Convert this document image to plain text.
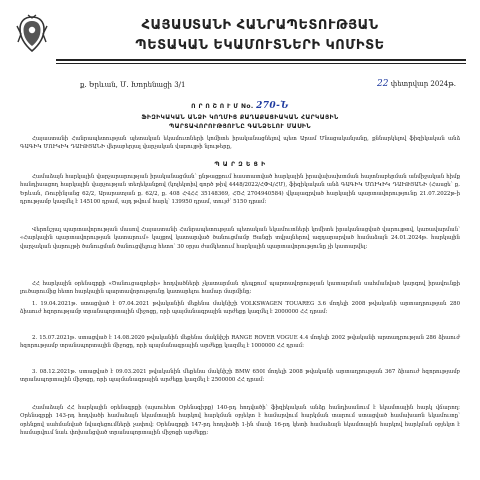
ՀԱՅԱՍՏԱՆԻ ՀԱՆՐԱՊԵՏՈՒԹՅԱՆ
ՊԵՏԱԿԱՆ ԵԿԱՄՈՒՏՆԵՐԻ ԿՈՄԻՏԵ
ք. Երևան, Մ. Խորենացի 3/1	22 փետրվար 2024թ.
Ո Ր Ո Շ Ո Ւ Մ No. 270-Ն
ՖԻԶԻԿԱԿԱՆ ԱՆՁԻ ԿՈՂՄԻՑ ՔԱՂԱՔԱՑԻԱԿԱՆ ՀԱՐԿԱՅԻՆ
ՊԱՐՏԱՎՈՐՈՒԹՅՈՒՆԸ ԳԱՆՁԵԼՈՒ ՄԱՍԻՆ
Հայաստանի Հանրապետության պետական եկամուտների կոմիտե իրականացնելով պետ Արամ Մնացականյանը, քննարկելով ֆիզիկական անձ ԳԱԳԻԿ ՄՈՒԿԻԿ ԴԱՒԹՅԱՆԻ վերաբերյալ վարչական վարույթի նյութերը,
Պ Ա Ր Զ Ե Ց Ի
Համաձայն հարկային վարչարարության իրականացման՝ ընթացքում հաստատված հարկային իրավախախտման հայտնաբերման անմիջական հիմք հանդիսացող հարկային վարչության տեղեկանքով (կոլեկտիվ գործ թիվ 4448/2022/ՀՓՎ/ՀՄ), ֆիզիկական անձ ԳԱԳԻԿ ՄՈՒԿԻԿ ԴԱՒԹՅԱՆԻ (Հասցե՝ ք. Երևան, Ռուբինյանց 62/2, Արարատյան ք. 62/2, ք. 408 ՀՎՀՀ 35148369, ՀԾՀ 2704940584) վկայագրված հարկային պարտավորությունը 21.07.2022թ-ի դրությամբ կազմել է 145100 դրամ, այդ թվում հարկ՝ 139950 դրամ, տույժ՝ 5150 դրամ:
Վերոնշյալ պարտավորության մասով Հայաստանի Հանրապետության պետական եկամուտների կոմիտե իրականացված վարույթով, կառավարման՝ «Հարկային պարտավորության կատարում» կայքով կատարված ծանուցմամբ Ցանցի տվյալներով ազդարարված համաձայն 24.01.2024թ. հարկային վարչական վարույթի ծանուցման ծանուցվելուց հետո՝ 30 օրյա ժամկետում հարկային պարտավորությունը չի կատարվել:
ՀՀ հարկային օրենսգրքի «Ծանուցագրերի» հոդվածների չկատարման դեպքում պարտավորության կատարման սահմանված կարգով իրավունքի լուծարումից հետո հարկային պարտավորությունը կատարելու համար մարմինը:
1. 19.04.2021թ. ստացված է 07.04.2021 թվականին մեքենա մակնիշի VOLKSWAGEN TOUAREG 3.6 մոդելի 2008 թվականի արտադրության 280 ձիաուժ հզորությամբ տրանսպորտային միջոցը, որի պայմանագրային արժեքը կազմել է 2000000 ՀՀ դրամ:
2. 15.07.2021թ. ստացված է 14.08.2020 թվականին մեքենա մակնիշի RANGE ROVER VOGUE 4.4 մոդելի 2002 թվականի արտադրության 286 ձիաուժ հզորությամբ տրանսպորտային միջոցը, որի պայմանագրային արժեքը կազմել է 1000000 ՀՀ դրամ:
3. 08.12.2021թ. ստացված է 09.03.2021 թվականին մեքենա մակնիշի BMW 650I մոդելի 2008 թվականի արտադրության 367 ձիաուժ հզորությամբ տրանսպորտային միջոցը, որի պայմանագրային արժեքը կազմել է 2500000 ՀՀ դրամ:
Համաձայն ՀՀ հարկային օրենսգրքի (այսուհետ Օրենսգիրք) 140-րդ հոդվածի՝ ֆիզիկական անձը հանդիսանում է եկամտային հարկ վճարող: Օրենսգրքի 143-րդ հոդվածի համաձայն եկամտային հարկով հարկման օբյեկտ է համարվում հարկման տարում ստացված համախառն եկամուտը՝ օրենքով սահմանված նվազեցումների չափով: Օրենսգրքի 147-րդ հոդվածի 1-ին մասի 16-րդ կետի համաձայն եկամտային հարկով հարկման օբյեկտ է համարվում նաև փոխանցված տրանսպորտային միջոցի արժեքը:
